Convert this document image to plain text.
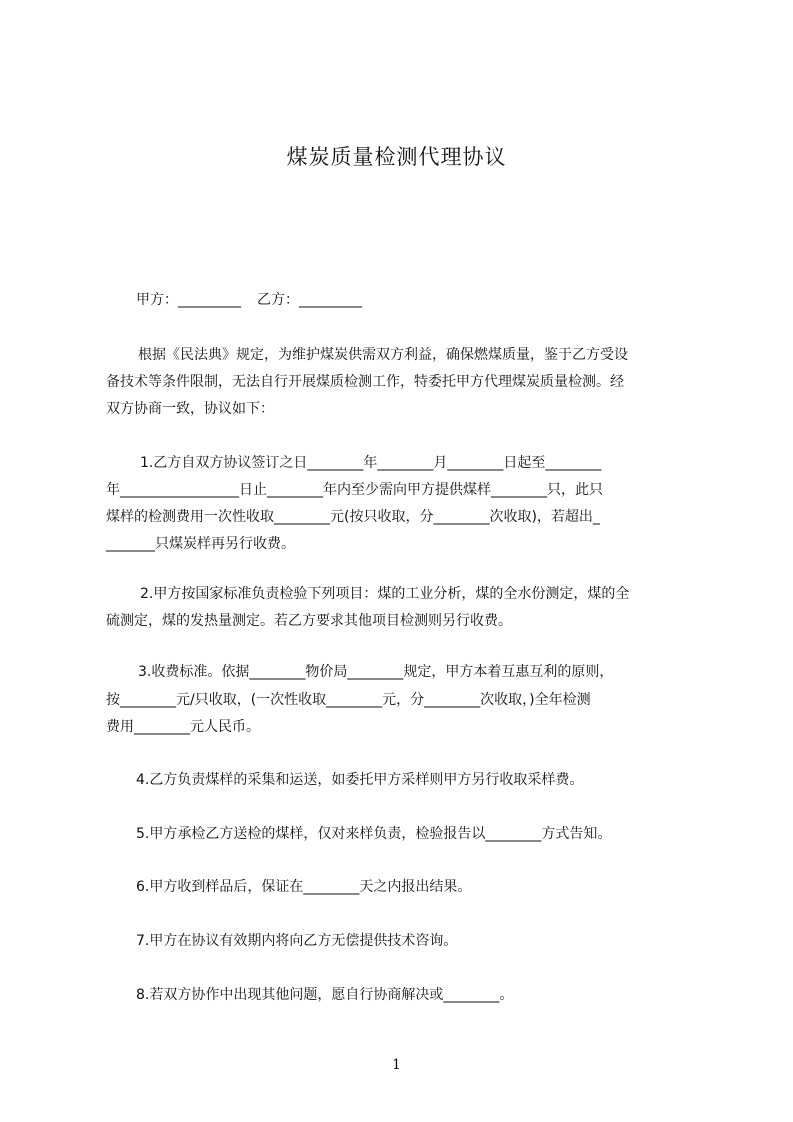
煤炭质量检测代理协议
甲方：_________ 乙方：_________
根据《民法典》规定，为维护煤炭供需双方利益，确保燃煤质量，鉴于乙方受设
备技术等条件限制，无法自行开展煤质检测工作，特委托甲方代理煤炭质量检测。经
双方协商一致，协议如下：
1.乙方自双方协议签订之日________年________月________日起至________
年_________________日止________年内至少需向甲方提供煤样________只，此只
煤样的检测费用一次性收取________元(按只收取，分________次收取)，若超出_
_______只煤炭样再另行收费。
2.甲方按国家标准负责检验下列项目：煤的工业分析，煤的全水份测定，煤的全
硫测定，煤的发热量测定。若乙方要求其他项目检测则另行收费。
3.收费标准。依据________物价局________规定，甲方本着互惠互利的原则，
按________元/只收取，(一次性收取________元，分________次收取，)全年检测
费用________元人民币。
4.乙方负责煤样的采集和运送，如委托甲方采样则甲方另行收取采样费。
5.甲方承检乙方送检的煤样，仅对来样负责，检验报告以________方式告知。
6.甲方收到样品后，保证在________天之内报出结果。
7.甲方在协议有效期内将向乙方无偿提供技术咨询。
8.若双方协作中出现其他问题，愿自行协商解决或________。
1
